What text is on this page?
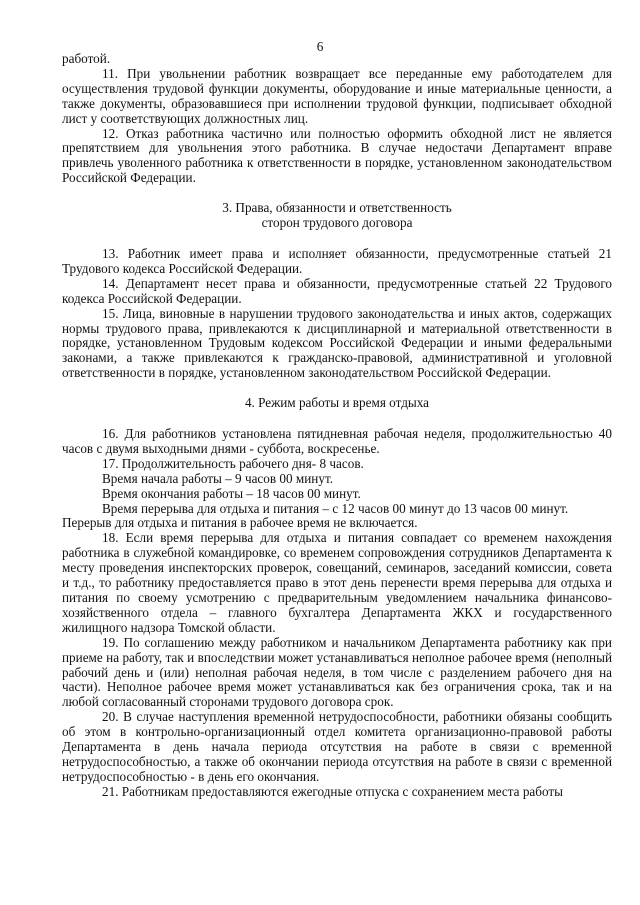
6

работой.

11. При увольнении работник возвращает все переданные ему работодателем для осуществления трудовой функции документы, оборудование и иные материальные ценности, а также документы, образовавшиеся при исполнении трудовой функции, подписывает обходной лист у соответствующих должностных лиц.

12. Отказ работника частично или полностью оформить обходной лист не является препятствием для увольнения этого работника. В случае недостачи Департамент вправе привлечь уволенного работника к ответственности в порядке, установленном законодательством Российской Федерации.

3. Права, обязанности и ответственность
сторон трудового договора

13. Работник имеет права и исполняет обязанности, предусмотренные статьей 21 Трудового кодекса Российской Федерации.

14. Департамент несет права и обязанности, предусмотренные статьей 22 Трудового кодекса Российской Федерации.

15. Лица, виновные в нарушении трудового законодательства и иных актов, содержащих нормы трудового права, привлекаются к дисциплинарной и материальной ответственности в порядке, установленном Трудовым кодексом Российской Федерации и иными федеральными законами, а также привлекаются к гражданско-правовой, административной и уголовной ответственности в порядке, установленном законодательством Российской Федерации.

4. Режим работы и время отдыха

16. Для работников установлена пятидневная рабочая неделя, продолжительностью 40 часов с двумя выходными днями - суббота, воскресенье.

17. Продолжительность рабочего дня- 8 часов.

Время начала работы – 9 часов 00 минут.

Время окончания работы – 18 часов 00 минут.

Время перерыва для отдыха и питания – с 12 часов 00 минут до 13 часов 00 минут.

Перерыв для отдыха и питания в рабочее время не включается.

18. Если время перерыва для отдыха и питания совпадает со временем нахождения работника в служебной командировке, со временем сопровождения сотрудников Департамента к месту проведения инспекторских проверок, совещаний, семинаров, заседаний комиссии, совета и т.д., то работнику предоставляется право в этот день перенести время перерыва для отдыха и питания по своему усмотрению с предварительным уведомлением начальника финансово-хозяйственного отдела – главного бухгалтера Департамента ЖКХ и государственного жилищного надзора Томской области.

19. По соглашению между работником и начальником Департамента работнику как при приеме на работу, так и впоследствии может устанавливаться неполное рабочее время (неполный рабочий день и (или) неполная рабочая неделя, в том числе с разделением рабочего дня на части). Неполное рабочее время может устанавливаться как без ограничения срока, так и на любой согласованный сторонами трудового договора срок.

20. В случае наступления временной нетрудоспособности, работники обязаны сообщить об этом в контрольно-организационный отдел комитета организационно-правовой работы Департамента в день начала периода отсутствия на работе в связи с временной нетрудоспособностью, а также об окончании периода отсутствия на работе в связи с временной нетрудоспособностью - в день его окончания.

21. Работникам предоставляются ежегодные отпуска с сохранением места работы
